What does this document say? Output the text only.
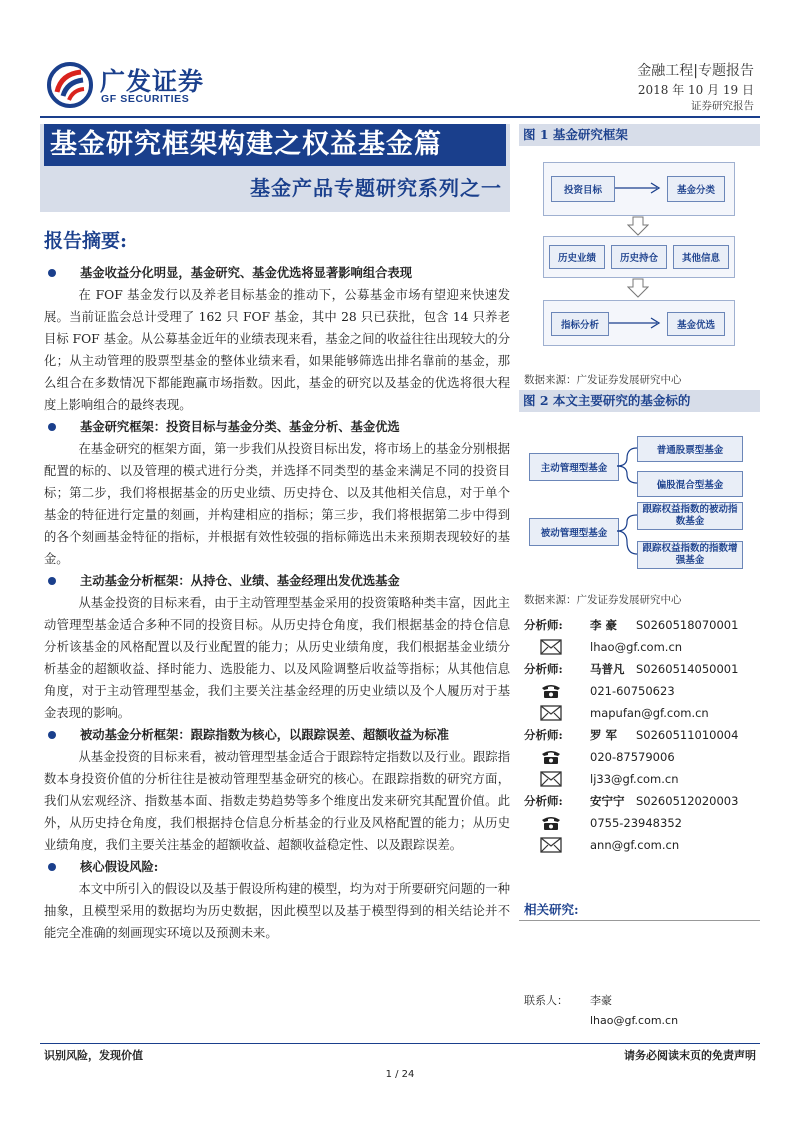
广发证券
GF SECURITIES
金融工程|专题报告
2018 年 10 月 19 日
证券研究报告
基金研究框架构建之权益基金篇
基金产品专题研究系列之一
报告摘要:
基金收益分化明显，基金研究、基金优选将显著影响组合表现
在 FOF 基金发行以及养老目标基金的推动下，公募基金市场有望迎来快速发展。当前证监会总计受理了 162 只 FOF 基金，其中 28 只已获批，包含 14 只养老目标 FOF 基金。从公募基金近年的业绩表现来看，基金之间的收益往往出现较大的分化；从主动管理的股票型基金的整体业绩来看，如果能够筛选出排名靠前的基金，那么组合在多数情况下都能跑赢市场指数。因此，基金的研究以及基金的优选将很大程度上影响组合的最终表现。
基金研究框架：投资目标与基金分类、基金分析、基金优选
在基金研究的框架方面，第一步我们从投资目标出发，将市场上的基金分别根据配置的标的、以及管理的模式进行分类，并选择不同类型的基金来满足不同的投资目标；第二步，我们将根据基金的历史业绩、历史持仓、以及其他相关信息，对于单个基金的特征进行定量的刻画，并构建相应的指标；第三步，我们将根据第二步中得到的各个刻画基金特征的指标，并根据有效性较强的指标筛选出未来预期表现较好的基金。
主动基金分析框架：从持仓、业绩、基金经理出发优选基金
从基金投资的目标来看，由于主动管理型基金采用的投资策略种类丰富，因此主动管理型基金适合多种不同的投资目标。从历史持仓角度，我们根据基金的持仓信息分析该基金的风格配置以及行业配置的能力；从历史业绩角度，我们根据基金业绩分析基金的超额收益、择时能力、选股能力、以及风险调整后收益等指标；从其他信息角度，对于主动管理型基金，我们主要关注基金经理的历史业绩以及个人履历对于基金表现的影响。
被动基金分析框架：跟踪指数为核心，以跟踪误差、超额收益为标准
从基金投资的目标来看，被动管理型基金适合于跟踪特定指数以及行业。跟踪指数本身投资价值的分析往往是被动管理型基金研究的核心。在跟踪指数的研究方面，我们从宏观经济、指数基本面、指数走势趋势等多个维度出发来研究其配置价值。此外，从历史持仓角度，我们根据持仓信息分析基金的行业及风格配置的能力；从历史业绩角度，我们主要关注基金的超额收益、超额收益稳定性、以及跟踪误差。
核心假设风险:
本文中所引入的假设以及基于假设所构建的模型，均为对于所要研究问题的一种抽象，且模型采用的数据均为历史数据，因此模型以及基于模型得到的相关结论并不能完全准确的刻画现实环境以及预测未来。
图 1 基金研究框架
投资目标	基金分类
历史业绩	历史持仓	其他信息
指标分析	基金优选
数据来源：广发证券发展研究中心
图 2 本文主要研究的基金标的
主动管理型基金
普通股票型基金
偏股混合型基金
被动管理型基金
跟踪权益指数的被动指数基金
跟踪权益指数的指数增强基金
数据来源：广发证券发展研究中心
分析师: 李 豪	S0260518070001
lhao@gf.com.cn
分析师: 马普凡	S0260514050001
021-60750623
mapufan@gf.com.cn
分析师: 罗 军	S0260511010004
020-87579006
lj33@gf.com.cn
分析师: 安宁宁	S0260512020003
0755-23948352
ann@gf.com.cn
相关研究:
联系人： 李豪
lhao@gf.com.cn
识别风险，发现价值	请务必阅读末页的免责声明
1 / 24
